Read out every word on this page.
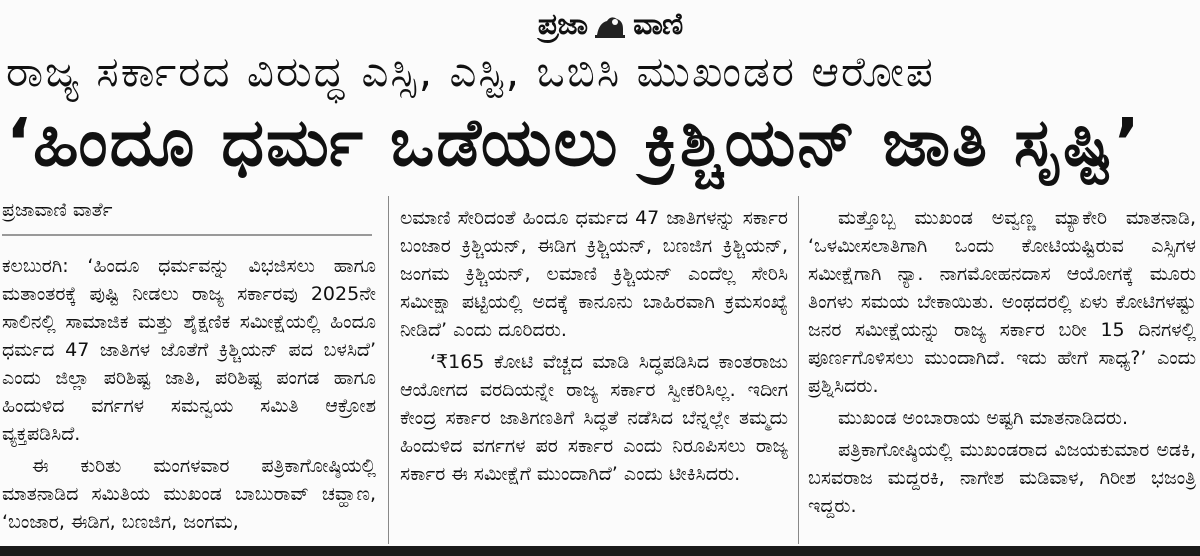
ಪ್ರಜಾ ವಾಣಿ
ರಾಜ್ಯ ಸರ್ಕಾರದ ವಿರುದ್ಧ ಎಸ್ಸಿ, ಎಸ್ಟಿ, ಒಬಿಸಿ ಮುಖಂಡರ ಆರೋಪ
‘ಹಿಂದೂ ಧರ್ಮ ಒಡೆಯಲು ಕ್ರಿಶ್ಚಿಯನ್ ಜಾತಿ ಸೃಷ್ಟಿ’
ಪ್ರಜಾವಾಣಿ ವಾರ್ತೆ

ಕಲಬುರಗಿ: ‘ಹಿಂದೂ ಧರ್ಮವನ್ನು ವಿಭಜಿಸಲು ಹಾಗೂ ಮತಾಂತರಕ್ಕೆ ಪುಷ್ಟಿ ನೀಡಲು ರಾಜ್ಯ ಸರ್ಕಾರವು 2025ನೇ ಸಾಲಿನಲ್ಲಿ ಸಾಮಾಜಿಕ ಮತ್ತು ಶೈಕ್ಷಣಿಕ ಸಮೀಕ್ಷೆಯಲ್ಲಿ ಹಿಂದೂ ಧರ್ಮದ 47 ಜಾತಿಗಳ ಜೊತೆಗೆ ಕ್ರಿಶ್ಚಿಯನ್ ಪದ ಬಳಸಿದೆ’ ಎಂದು ಜಿಲ್ಲಾ ಪರಿಶಿಷ್ಟ ಜಾತಿ, ಪರಿಶಿಷ್ಟ ಪಂಗಡ ಹಾಗೂ ಹಿಂದುಳಿದ ವರ್ಗಗಳ ಸಮನ್ವಯ ಸಮಿತಿ ಆಕ್ರೋಶ ವ್ಯಕ್ತಪಡಿಸಿದೆ.

ಈ ಕುರಿತು ಮಂಗಳವಾರ ಪತ್ರಿಕಾಗೋಷ್ಠಿಯಲ್ಲಿ ಮಾತನಾಡಿದ ಸಮಿತಿಯ ಮುಖಂಡ ಬಾಬುರಾವ್ ಚವ್ಹಾಣ, ‘ಬಂಜಾರ, ಈಡಿಗ, ಬಣಜಿಗ, ಜಂಗಮ,

ಲಮಾಣಿ ಸೇರಿದಂತೆ ಹಿಂದೂ ಧರ್ಮದ 47 ಜಾತಿಗಳನ್ನು ಸರ್ಕಾರ ಬಂಜಾರ ಕ್ರಿಶ್ಚಿಯನ್, ಈಡಿಗ ಕ್ರಿಶ್ಚಿಯನ್, ಬಣಜಿಗ ಕ್ರಿಶ್ಚಿಯನ್, ಜಂಗಮ ಕ್ರಿಶ್ಚಿಯನ್, ಲಮಾಣಿ ಕ್ರಿಶ್ಚಿಯನ್ ಎಂದೆಲ್ಲ ಸೇರಿಸಿ ಸಮೀಕ್ಷಾ ಪಟ್ಟಿಯಲ್ಲಿ ಅದಕ್ಕೆ ಕಾನೂನು ಬಾಹಿರವಾಗಿ ಕ್ರಮಸಂಖ್ಯೆ ನೀಡಿದೆ’ ಎಂದು ದೂರಿದರು.

‘₹165 ಕೋಟಿ ವೆಚ್ಚದ ಮಾಡಿ ಸಿದ್ಧಪಡಿಸಿದ ಕಾಂತರಾಜು ಆಯೋಗದ ವರದಿಯನ್ನೇ ರಾಜ್ಯ ಸರ್ಕಾರ ಸ್ವೀಕರಿಸಿಲ್ಲ. ಇದೀಗ ಕೇಂದ್ರ ಸರ್ಕಾರ ಜಾತಿಗಣತಿಗೆ ಸಿದ್ಧತೆ ನಡೆಸಿದ ಬೆನ್ನಲ್ಲೇ ತಮ್ಮದು ಹಿಂದುಳಿದ ವರ್ಗಗಳ ಪರ ಸರ್ಕಾರ ಎಂದು ನಿರೂಪಿಸಲು ರಾಜ್ಯ ಸರ್ಕಾರ ಈ ಸಮೀಕ್ಷೆಗೆ ಮುಂದಾಗಿದೆ’ ಎಂದು ಟೀಕಿಸಿದರು.

ಮತ್ತೊಬ್ಬ ಮುಖಂಡ ಅವ್ವಣ್ಣ ಮ್ಯಾಕೇರಿ ಮಾತನಾಡಿ, ‘ಒಳಮೀಸಲಾತಿಗಾಗಿ ಒಂದು ಕೋಟಿಯಷ್ಟಿರುವ ಎಸ್ಸಿಗಳ ಸಮೀಕ್ಷೆಗಾಗಿ ನ್ಯಾ. ನಾಗಮೋಹನದಾಸ ಆಯೋಗಕ್ಕೆ ಮೂರು ತಿಂಗಳು ಸಮಯ ಬೇಕಾಯಿತು. ಅಂಥದರಲ್ಲಿ ಏಳು ಕೋಟಿಗಳಷ್ಟು ಜನರ ಸಮೀಕ್ಷೆಯನ್ನು ರಾಜ್ಯ ಸರ್ಕಾರ ಬರೀ 15 ದಿನಗಳಲ್ಲಿ ಪೂರ್ಣಗೊಳಿಸಲು ಮುಂದಾಗಿದೆ. ಇದು ಹೇಗೆ ಸಾಧ್ಯ?’ ಎಂದು ಪ್ರಶ್ನಿಸಿದರು.

ಮುಖಂಡ ಅಂಬಾರಾಯ ಅಷ್ಟಗಿ ಮಾತನಾಡಿದರು.

ಪತ್ರಿಕಾಗೋಷ್ಠಿಯಲ್ಲಿ ಮುಖಂಡರಾದ ವಿಜಯಕುಮಾರ ಅಡಕಿ, ಬಸವರಾಜ ಮದ್ದರಕಿ, ನಾಗೇಶ ಮಡಿವಾಳ, ಗಿರೀಶ ಭಜಂತ್ರಿ ಇದ್ದರು.
